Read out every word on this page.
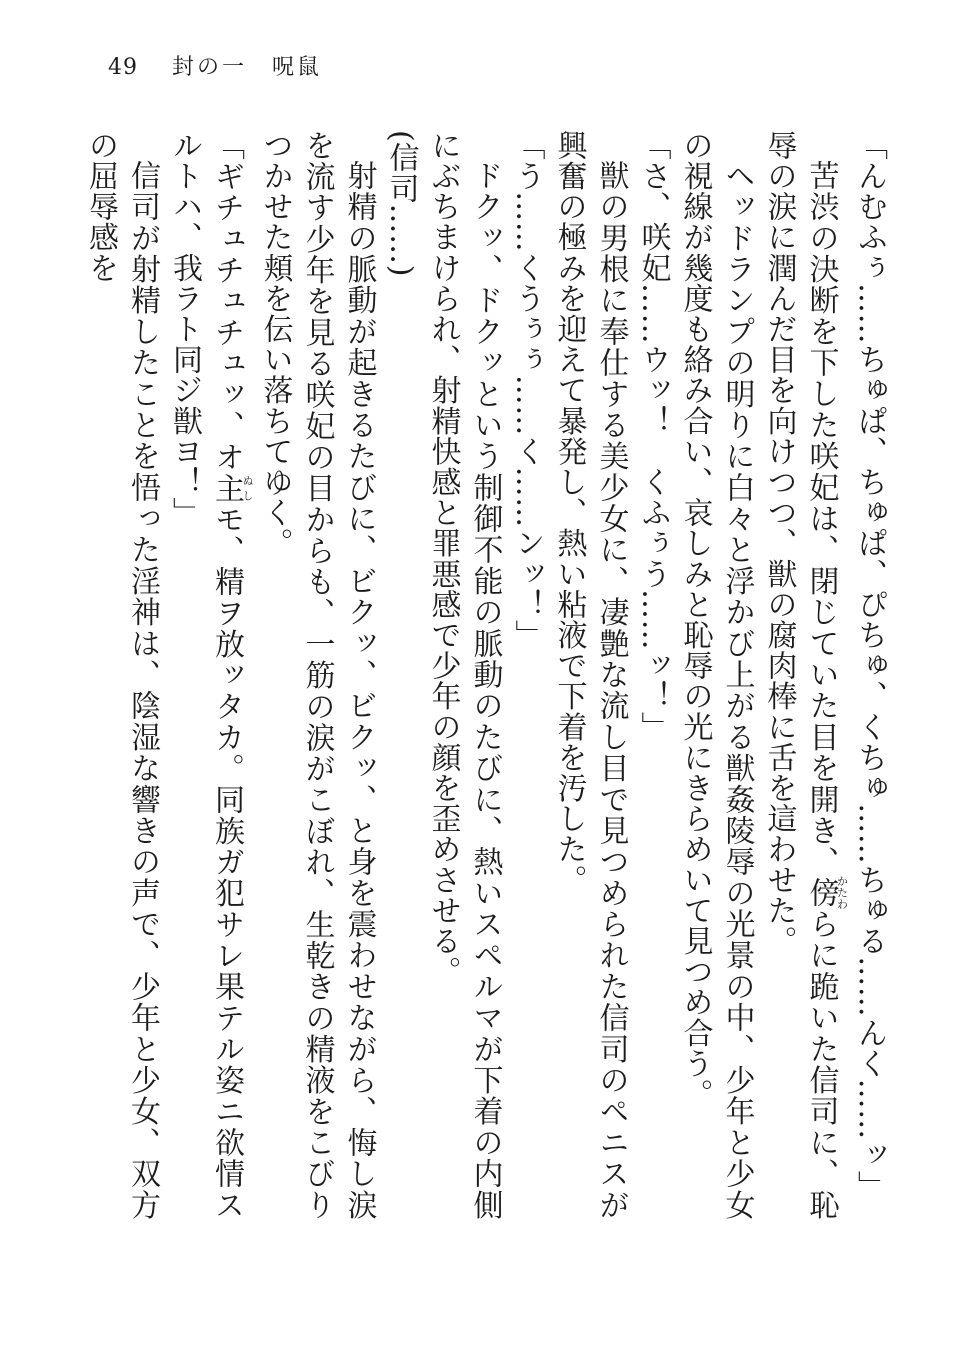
49 封の一　呪鼠

「んむふぅ……ちゅぱ、ちゅぱ、ぴちゅ、くちゅ……ちゅる……んく……ッ」

苦渋の決断を下した咲妃は、閉じていた目を開き、傍かたわらに跪いた信司に、恥辱の涙に潤んだ目を向けつつ、獣の腐肉棒に舌を這わせた。

ヘッドランプの明りに白々と浮かび上がる獣姦陵辱の光景の中、少年と少女の視線が幾度も絡み合い、哀しみと恥辱の光にきらめいて見つめ合う。

「さ、咲妃……ウッ！　くふぅう……ッ！」

獣の男根に奉仕する美少女に、凄艶な流し目で見つめられた信司のペニスが興奮の極みを迎えて暴発し、熱い粘液で下着を汚した。

「う……くうぅぅ……く……ンッ！」

ドクッ、ドクッという制御不能の脈動のたびに、熱いスペルマが下着の内側にぶちまけられ、射精快感と罪悪感で少年の顔を歪めさせる。

(信司……)

射精の脈動が起きるたびに、ビクッ、ビクッ、と身を震わせながら、悔し涙を流す少年を見る咲妃の目からも、一筋の涙がこぼれ、生乾きの精液をこびりつかせた頬を伝い落ちてゆく。

「ギチュチュチュッ、オ主ぬしモ、精ヲ放ッタカ。同族ガ犯サレ果テル姿ニ欲情スルトハ、我ラト同ジ獣ヨ！」

信司が射精したことを悟った淫神は、陰湿な響きの声で、少年と少女、双方の屈辱感を
